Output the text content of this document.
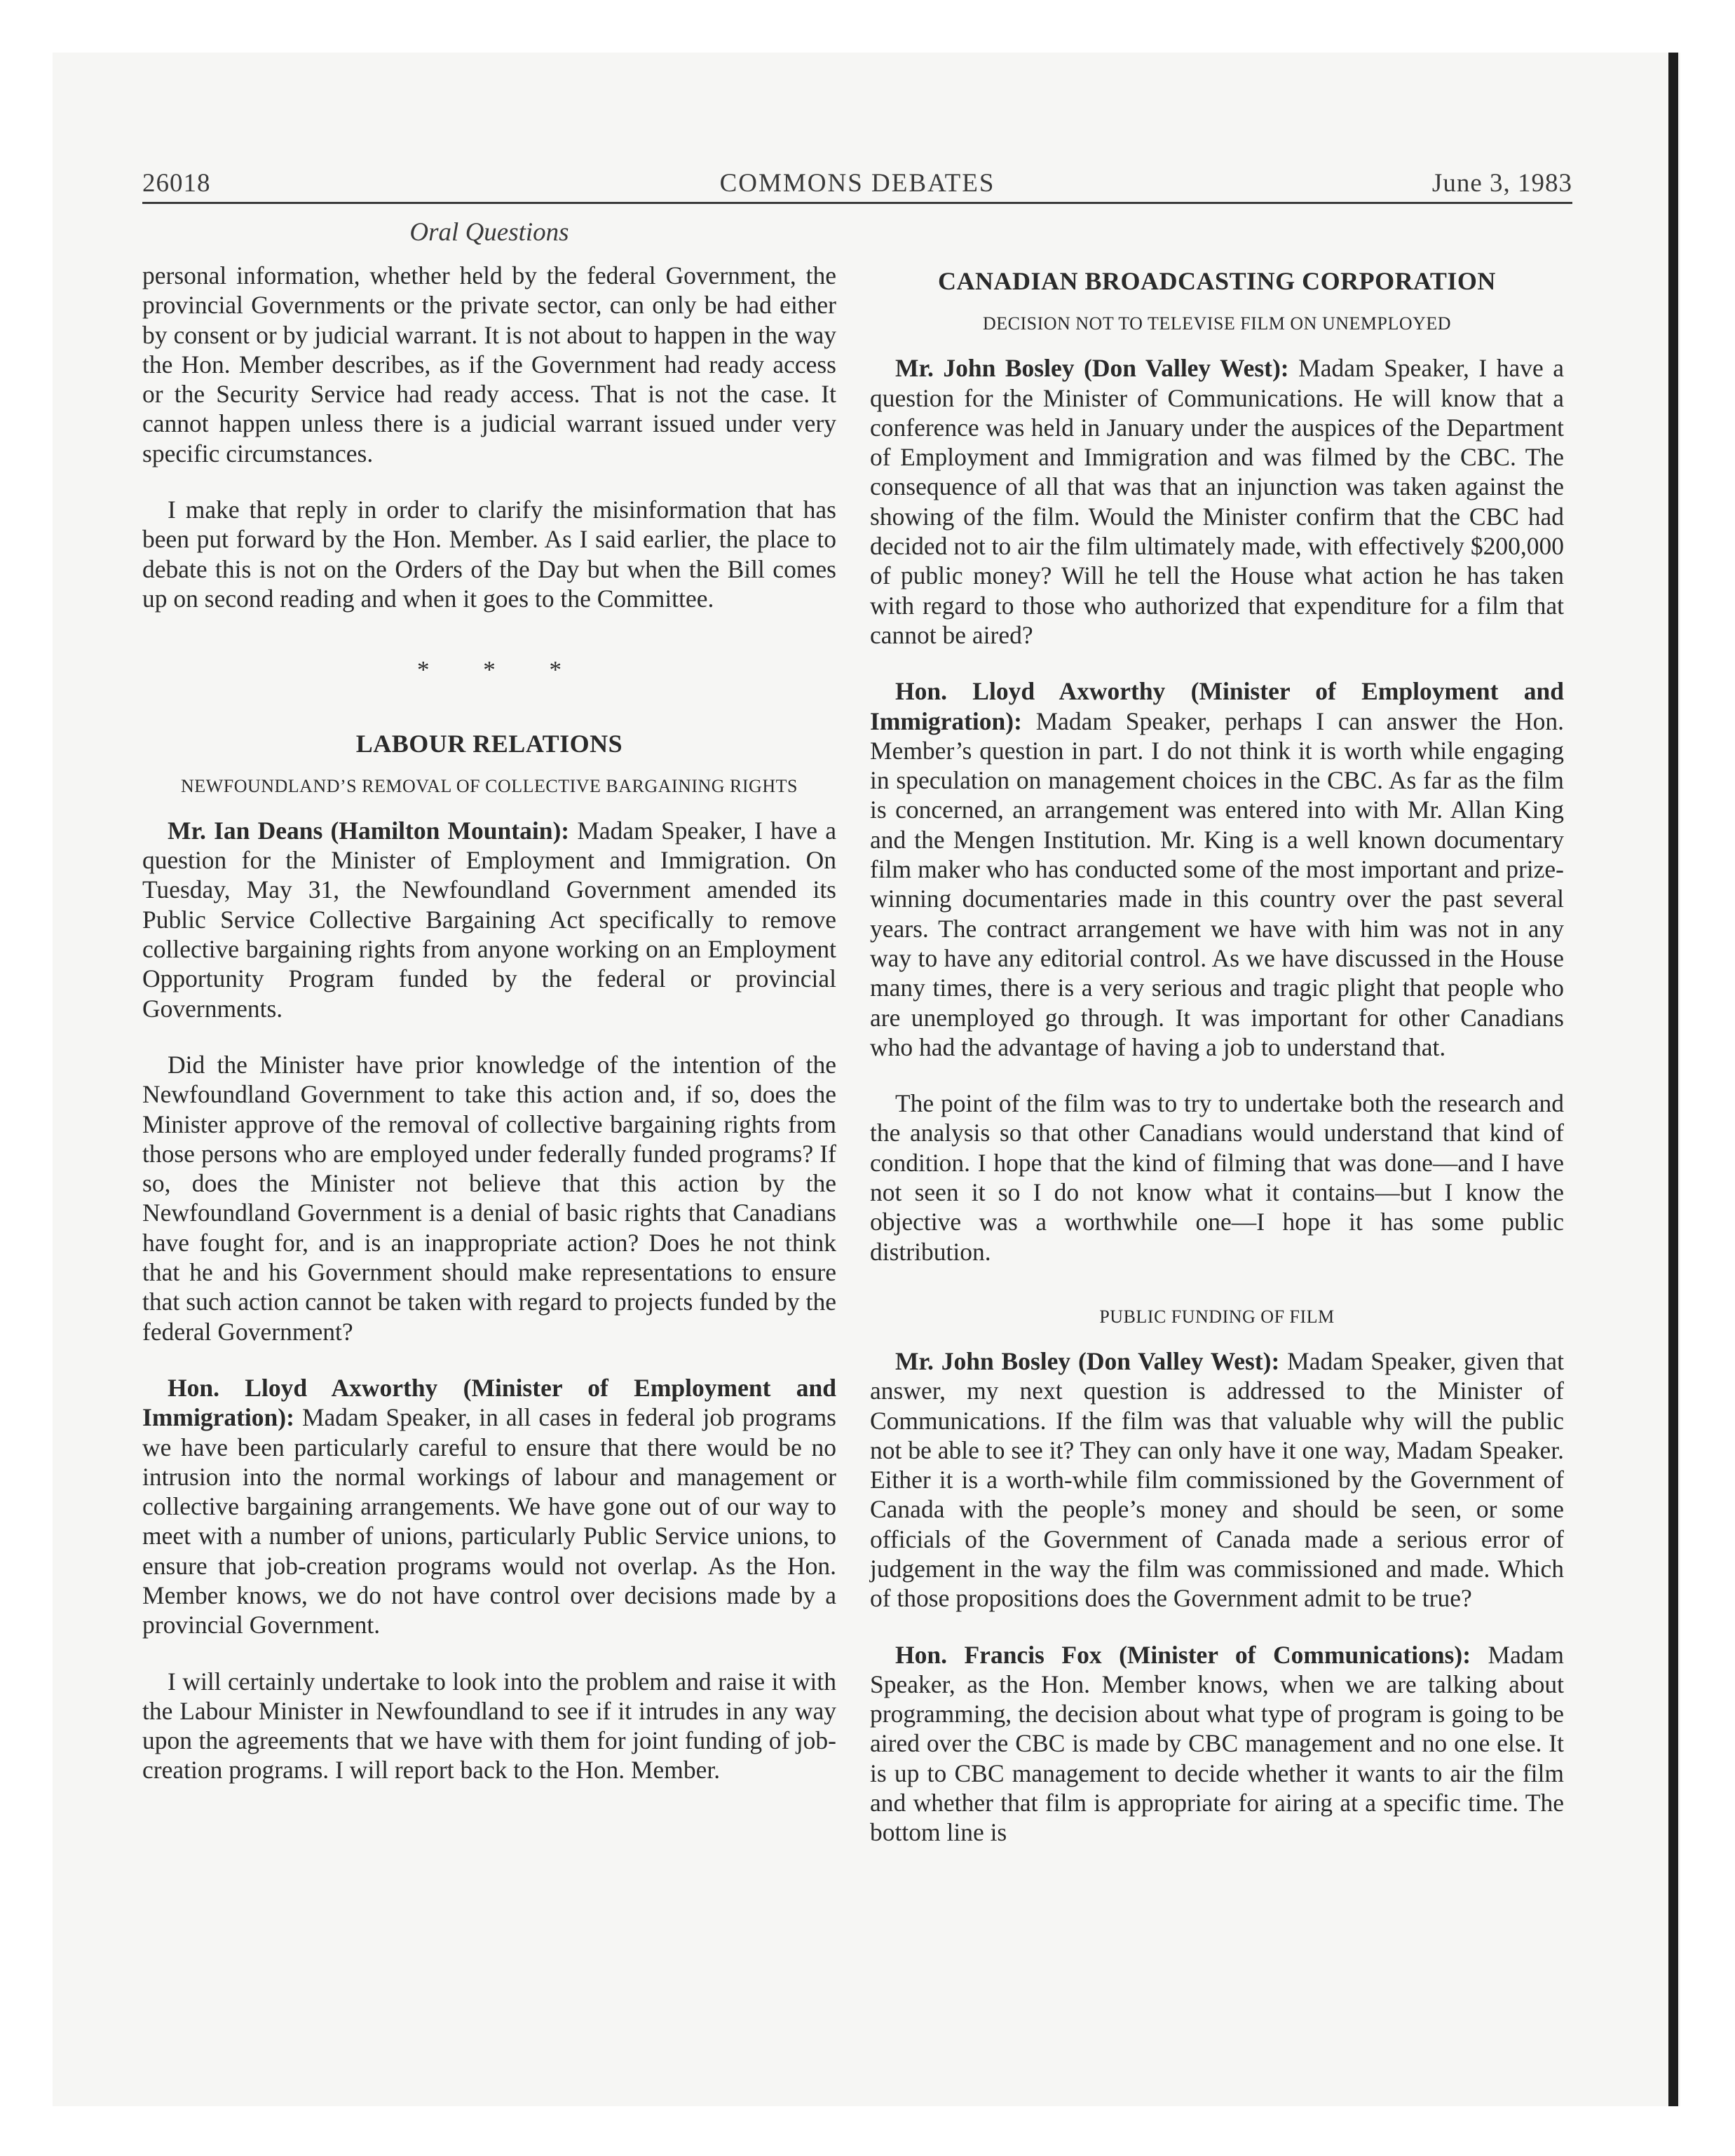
26018	COMMONS DEBATES	June 3, 1983
Oral Questions

personal information, whether held by the federal Government, the provincial Governments or the private sector, can only be had either by consent or by judicial warrant. It is not about to happen in the way the Hon. Member describes, as if the Government had ready access or the Security Service had ready access. That is not the case. It cannot happen unless there is a judicial warrant issued under very specific circumstances.

I make that reply in order to clarify the misinformation that has been put forward by the Hon. Member. As I said earlier, the place to debate this is not on the Orders of the Day but when the Bill comes up on second reading and when it goes to the Committee.

* * *
LABOUR RELATIONS
NEWFOUNDLAND’S REMOVAL OF COLLECTIVE BARGAINING RIGHTS

Mr. Ian Deans (Hamilton Mountain): Madam Speaker, I have a question for the Minister of Employment and Immigration. On Tuesday, May 31, the Newfoundland Government amended its Public Service Collective Bargaining Act specifically to remove collective bargaining rights from anyone working on an Employment Opportunity Program funded by the federal or provincial Governments.

Did the Minister have prior knowledge of the intention of the Newfoundland Government to take this action and, if so, does the Minister approve of the removal of collective bargaining rights from those persons who are employed under federally funded programs? If so, does the Minister not believe that this action by the Newfoundland Government is a denial of basic rights that Canadians have fought for, and is an inappropriate action? Does he not think that he and his Government should make representations to ensure that such action cannot be taken with regard to projects funded by the federal Government?

Hon. Lloyd Axworthy (Minister of Employment and Immigration): Madam Speaker, in all cases in federal job programs we have been particularly careful to ensure that there would be no intrusion into the normal workings of labour and management or collective bargaining arrangements. We have gone out of our way to meet with a number of unions, particularly Public Service unions, to ensure that job-creation programs would not overlap. As the Hon. Member knows, we do not have control over decisions made by a provincial Government.

I will certainly undertake to look into the problem and raise it with the Labour Minister in Newfoundland to see if it intrudes in any way upon the agreements that we have with them for joint funding of job-creation programs. I will report back to the Hon. Member.

CANADIAN BROADCASTING CORPORATION
DECISION NOT TO TELEVISE FILM ON UNEMPLOYED

Mr. John Bosley (Don Valley West): Madam Speaker, I have a question for the Minister of Communications. He will know that a conference was held in January under the auspices of the Department of Employment and Immigration and was filmed by the CBC. The consequence of all that was that an injunction was taken against the showing of the film. Would the Minister confirm that the CBC had decided not to air the film ultimately made, with effectively $200,000 of public money? Will he tell the House what action he has taken with regard to those who authorized that expenditure for a film that cannot be aired?

Hon. Lloyd Axworthy (Minister of Employment and Immigration): Madam Speaker, perhaps I can answer the Hon. Member’s question in part. I do not think it is worth while engaging in speculation on management choices in the CBC. As far as the film is concerned, an arrangement was entered into with Mr. Allan King and the Mengen Institution. Mr. King is a well known documentary film maker who has conducted some of the most important and prize-winning documentaries made in this country over the past several years. The contract arrangement we have with him was not in any way to have any editorial control. As we have discussed in the House many times, there is a very serious and tragic plight that people who are unemployed go through. It was important for other Canadians who had the advantage of having a job to understand that.

The point of the film was to try to undertake both the research and the analysis so that other Canadians would understand that kind of condition. I hope that the kind of filming that was done—and I have not seen it so I do not know what it contains—but I know the objective was a worthwhile one—I hope it has some public distribution.

PUBLIC FUNDING OF FILM

Mr. John Bosley (Don Valley West): Madam Speaker, given that answer, my next question is addressed to the Minister of Communications. If the film was that valuable why will the public not be able to see it? They can only have it one way, Madam Speaker. Either it is a worth-while film commissioned by the Government of Canada with the people’s money and should be seen, or some officials of the Government of Canada made a serious error of judgement in the way the film was commissioned and made. Which of those propositions does the Government admit to be true?

Hon. Francis Fox (Minister of Communications): Madam Speaker, as the Hon. Member knows, when we are talking about programming, the decision about what type of program is going to be aired over the CBC is made by CBC management and no one else. It is up to CBC management to decide whether it wants to air the film and whether that film is appropriate for airing at a specific time. The bottom line is
